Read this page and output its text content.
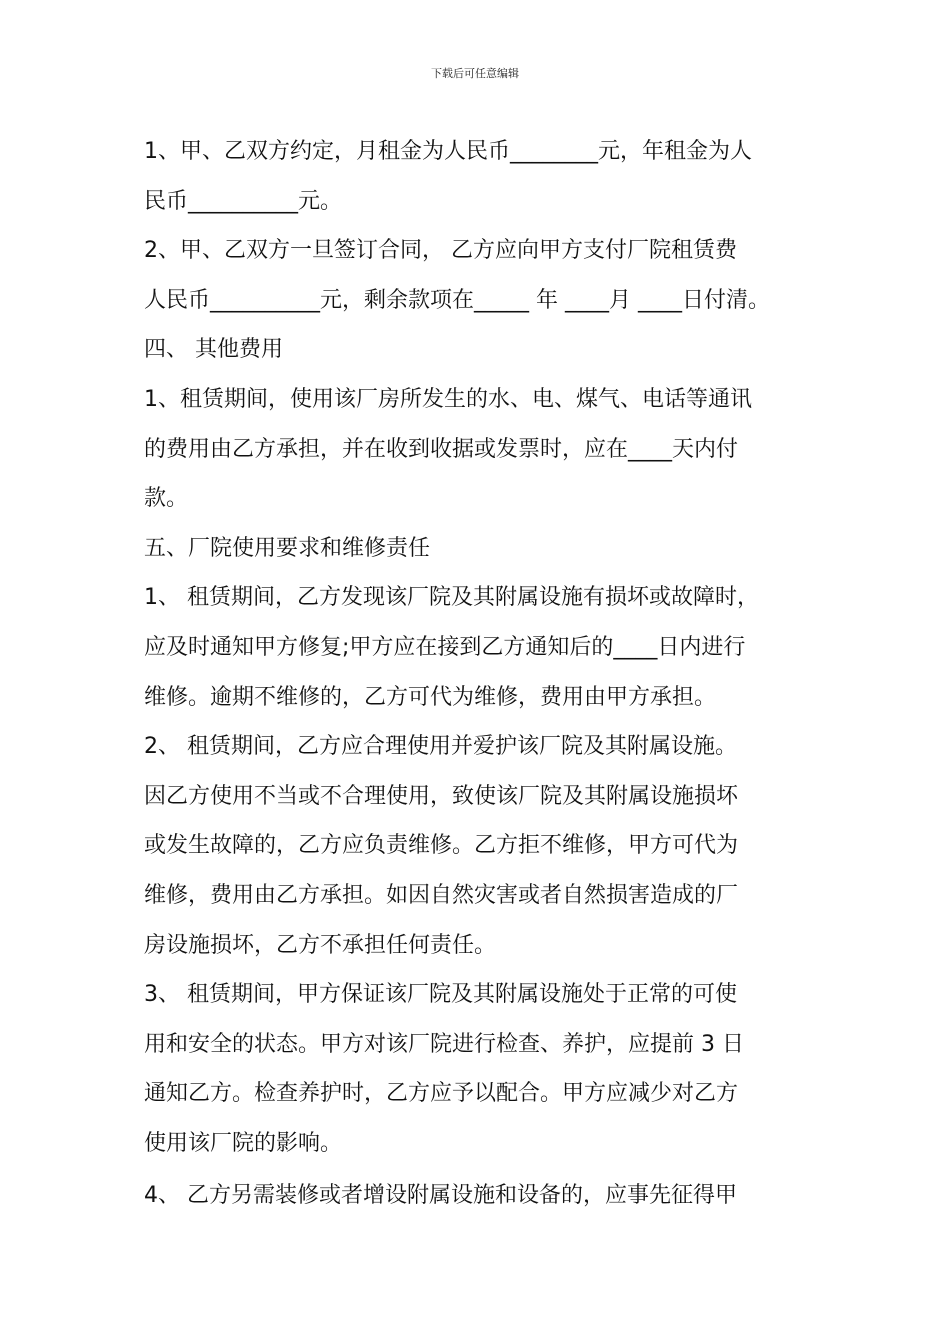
下载后可任意编辑
1、甲、乙双方约定，月租金为人民币________元，年租金为人
民币__________元。
2、甲、乙双方一旦签订合同， 乙方应向甲方支付厂院租赁费
人民币__________元，剩余款项在_____ 年 ____月 ____日付清。
四、 其他费用
1、租赁期间，使用该厂房所发生的水、电、煤气、电话等通讯
的费用由乙方承担，并在收到收据或发票时，应在____天内付
款。
五、厂院使用要求和维修责任
1、 租赁期间，乙方发现该厂院及其附属设施有损坏或故障时，
应及时通知甲方修复;甲方应在接到乙方通知后的____日内进行
维修。逾期不维修的，乙方可代为维修，费用由甲方承担。
2、 租赁期间，乙方应合理使用并爱护该厂院及其附属设施。
因乙方使用不当或不合理使用，致使该厂院及其附属设施损坏
或发生故障的，乙方应负责维修。乙方拒不维修，甲方可代为
维修，费用由乙方承担。如因自然灾害或者自然损害造成的厂
房设施损坏，乙方不承担任何责任。
3、 租赁期间，甲方保证该厂院及其附属设施处于正常的可使
用和安全的状态。甲方对该厂院进行检查、养护，应提前 3 日
通知乙方。检查养护时，乙方应予以配合。甲方应减少对乙方
使用该厂院的影响。
4、 乙方另需装修或者增设附属设施和设备的，应事先征得甲
